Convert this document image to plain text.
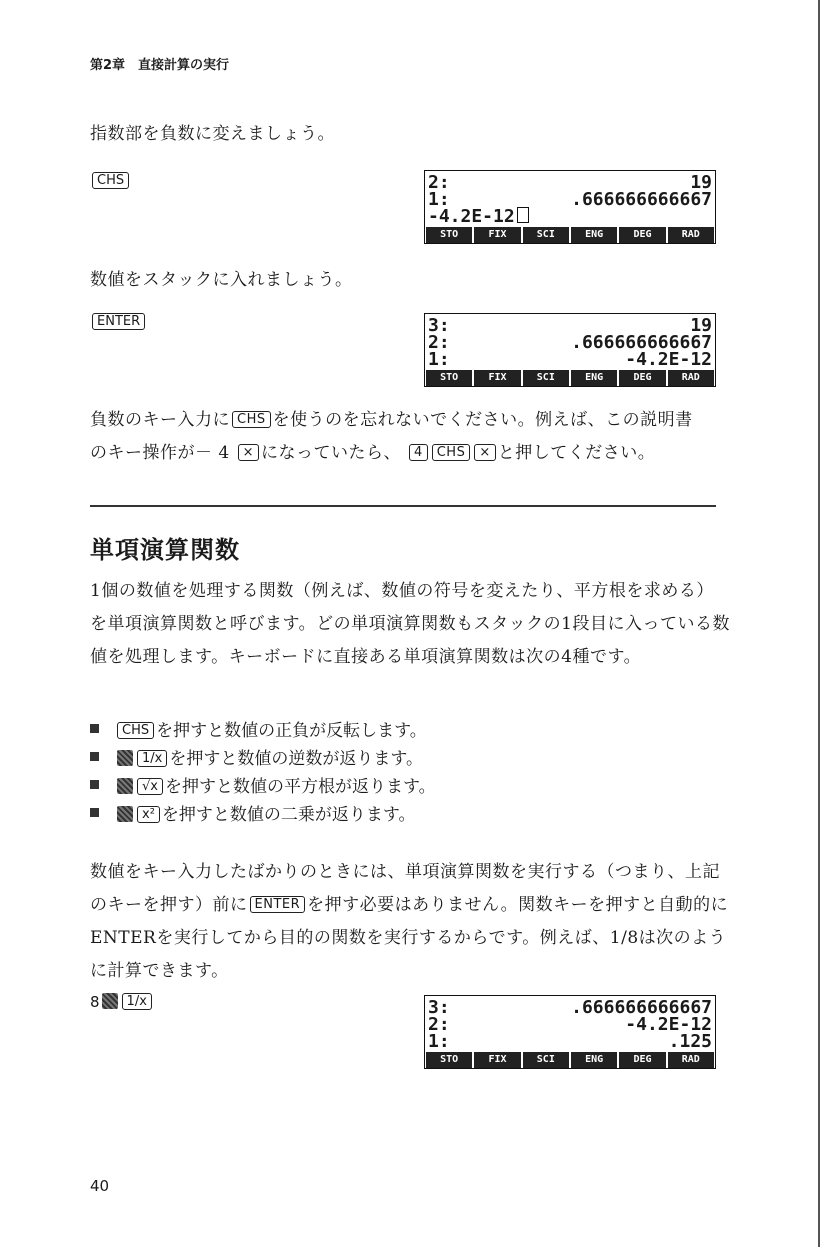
第2章　直接計算の実行
指数部を負数に変えましょう。
CHS	2:	19
1:	.666666666667
-4.2E-12
STO	FIX	SCI	ENG	DEG	RAD
数値をスタックに入れましょう。
ENTER	3:	19
2:	.666666666667
1:	-4.2E-12
STO	FIX	SCI	ENG	DEG	RAD
負数のキー入力に CHS を使うのを忘れないでください。例えば、この説明書
のキー操作が－ 4 × になっていたら、 4 CHS × と押してください。
単項演算関数
1個の数値を処理する関数（例えば、数値の符号を変えたり、平方根を求める）を単項演算関数と呼びます。どの単項演算関数もスタックの1段目に入っている数値を処理します。キーボードに直接ある単項演算関数は次の4種です。
CHS を押すと数値の正負が反転します。
1/x を押すと数値の逆数が返ります。
√x を押すと数値の平方根が返ります。
x² を押すと数値の二乗が返ります。
数値をキー入力したばかりのときには、単項演算関数を実行する（つまり、上記のキーを押す）前に ENTER を押す必要はありません。関数キーを押すと自動的にENTERを実行してから目的の関数を実行するからです。例えば、1/8は次のように計算できます。
8 1/x	3:	.666666666667
2:	-4.2E-12
1:	.125
STO	FIX	SCI	ENG	DEG	RAD
40
